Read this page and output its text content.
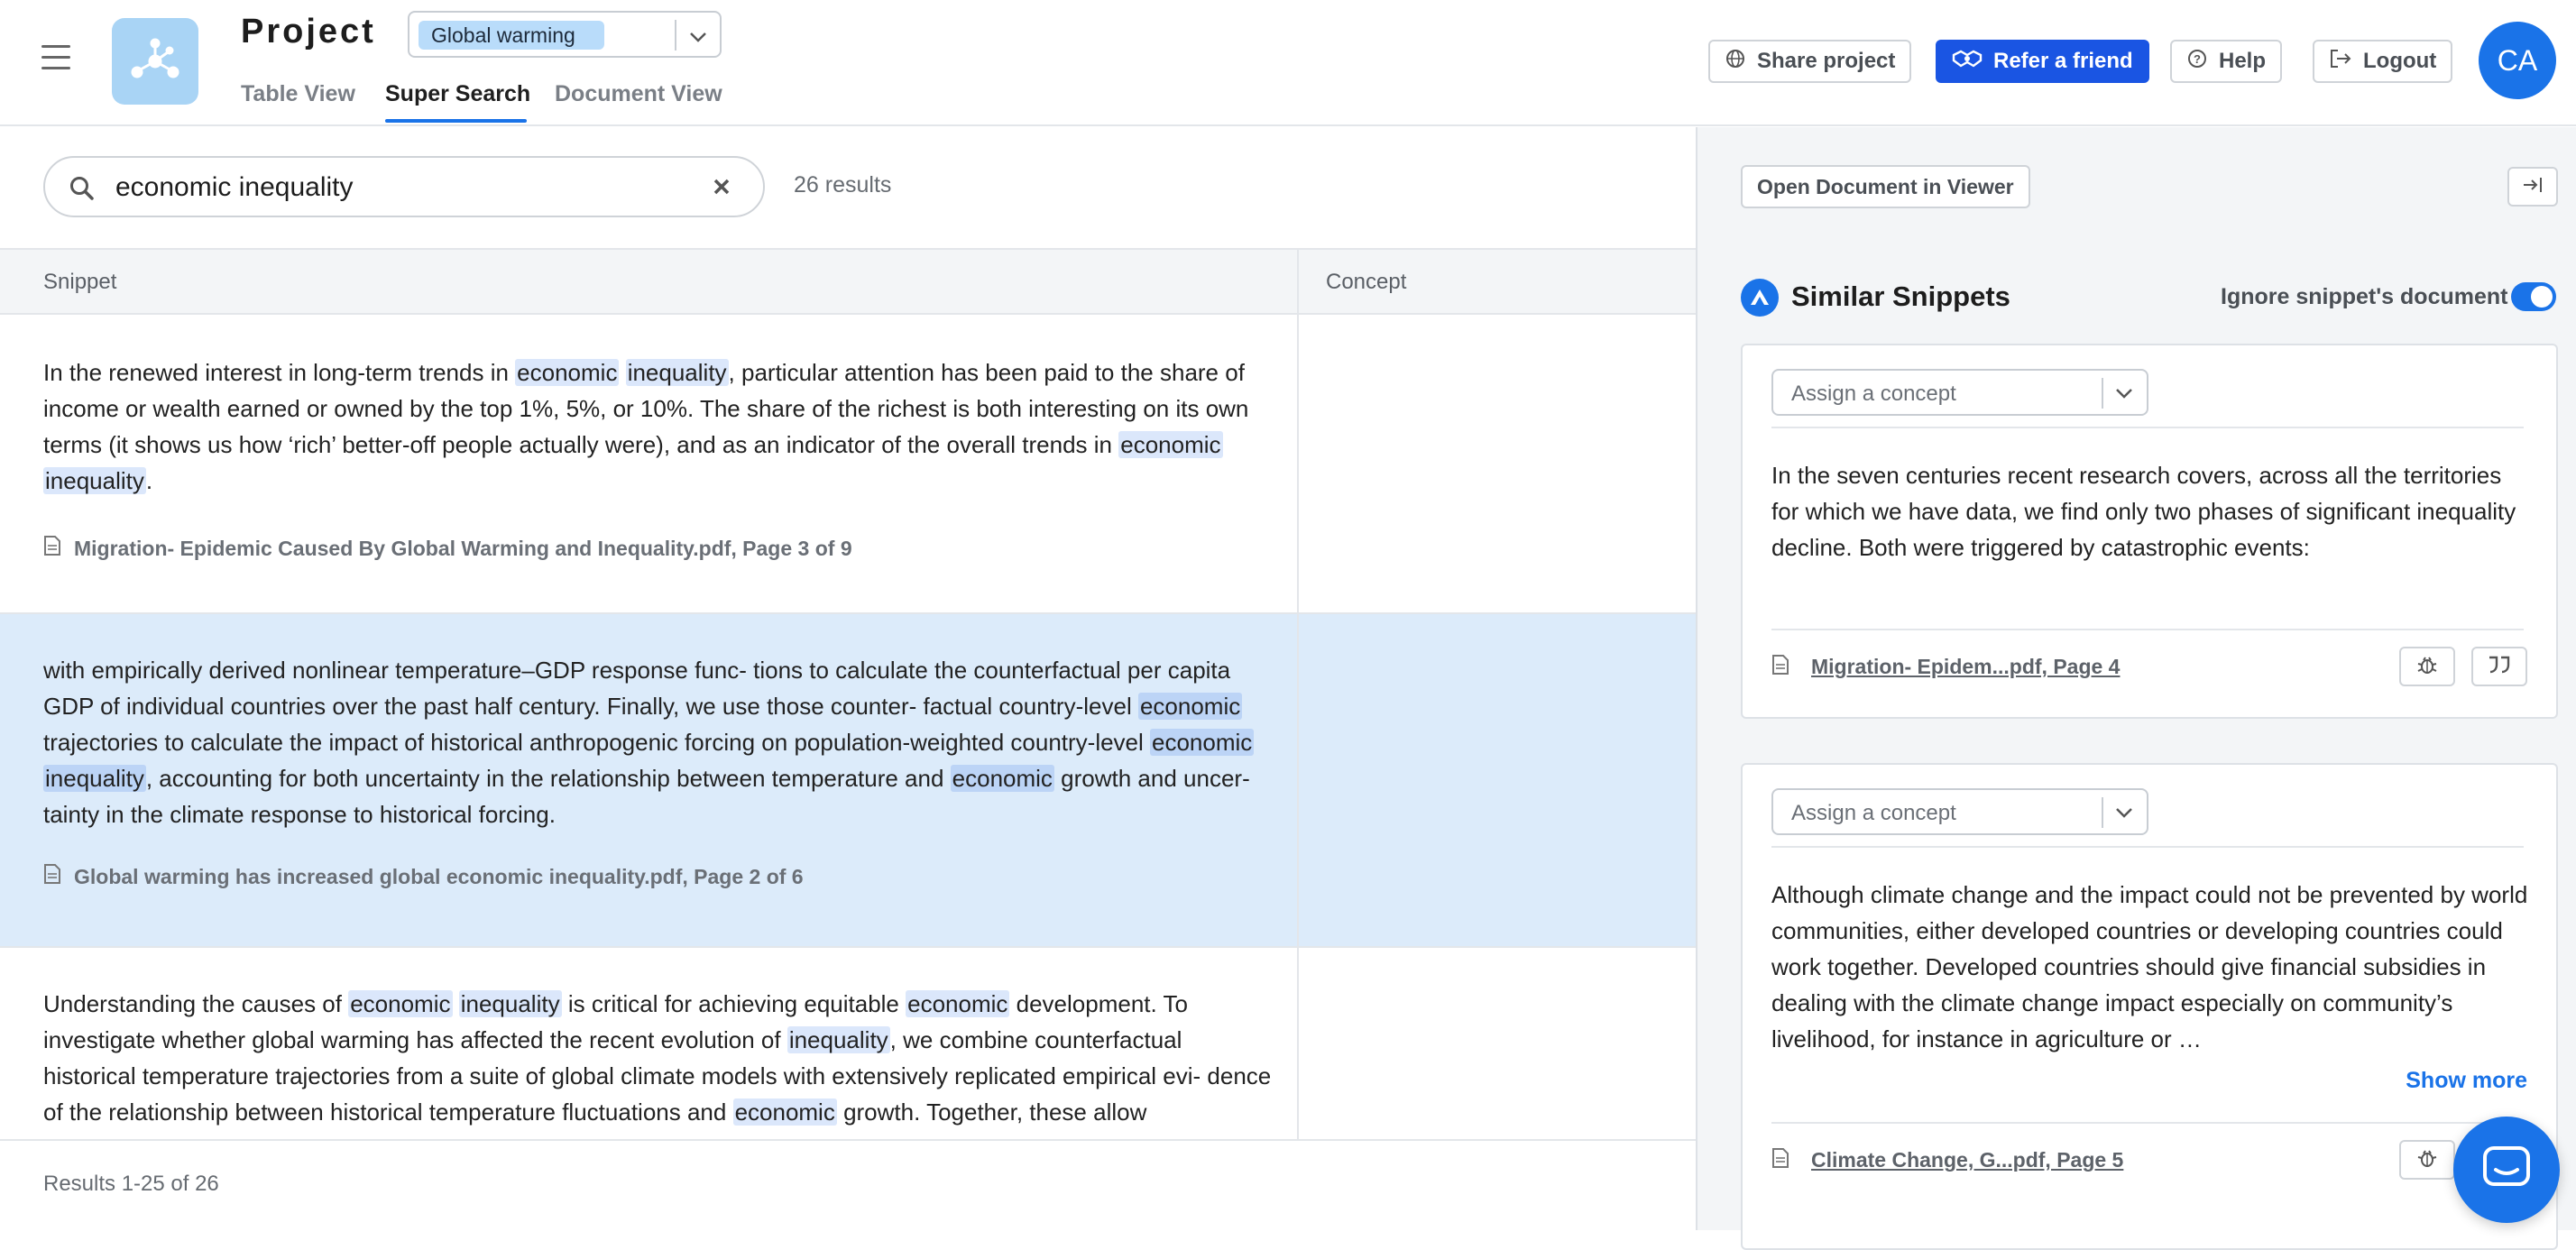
Project	Global warming
Table View Super Search Document View
Share project	Refer a friend	? Help	Logout	CA
economic inequality
26 results
Snippet	Concept
In the renewed interest in long-term trends in economic inequality, particular attention has been paid to the share of income or wealth earned or owned by the top 1%, 5%, or 10%. The share of the richest is both interesting on its own terms (it shows us how ‘rich’ better-off people actually were), and as an indicator of the overall trends in economic inequality.
Migration- Epidemic Caused By Global Warming and Inequality.pdf, Page 3 of 9
with empirically derived nonlinear temperature–GDP response func- tions to calculate the counterfactual per capita GDP of individual countries over the past half century. Finally, we use those counter- factual country-level economic trajectories to calculate the impact of historical anthropogenic forcing on population-weighted country-level economic inequality, accounting for both uncertainty in the relationship between temperature and economic growth and uncer- tainty in the climate response to historical forcing.
Global warming has increased global economic inequality.pdf, Page 2 of 6
Understanding the causes of economic inequality is critical for achieving equitable economic development. To investigate whether global warming has affected the recent evolution of inequality, we combine counterfactual historical temperature trajectories from a suite of global climate models with extensively replicated empirical evi- dence of the relationship between historical temperature fluctuations and economic growth. Together, these allow
Results 1-25 of 26
Open Document in Viewer
Similar Snippets	Ignore snippet's document
Assign a concept
In the seven centuries recent research covers, across all the territories for which we have data, we find only two phases of significant inequality decline. Both were triggered by catastrophic events:
Migration- Epidem...pdf, Page 4
Assign a concept
Although climate change and the impact could not be prevented by world communities, either developed countries or developing countries could work together. Developed countries should give financial subsidies in dealing with the climate change impact especially on community’s livelihood, for instance in agriculture or …
Show more
Climate Change, G...pdf, Page 5
